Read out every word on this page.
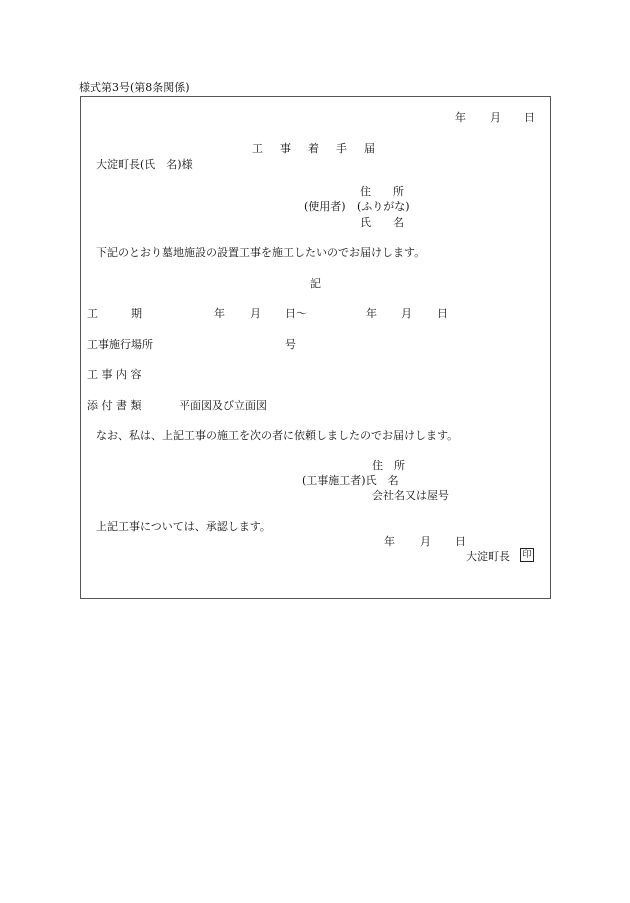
様式第3号(第8条関係)
年 月 日
工　事　着　手　届
大淀町長(氏　名)様
住　　所
(使用者) (ふりがな)
氏　　名
下記のとおり墓地施設の設置工事を施工したいのでお届けします。
記
工　　　期	年 月 日～	年 月 日
工事施行場所	号
工 事 内 容
添 付 書 類	平面図及び立面図
なお、私は、上記工事の施工を次の者に依頼しましたのでお届けします。
住　所
(工事施工者)氏　名
会社名又は屋号
上記工事については、承認します。
年 月 日
大淀町長 印
